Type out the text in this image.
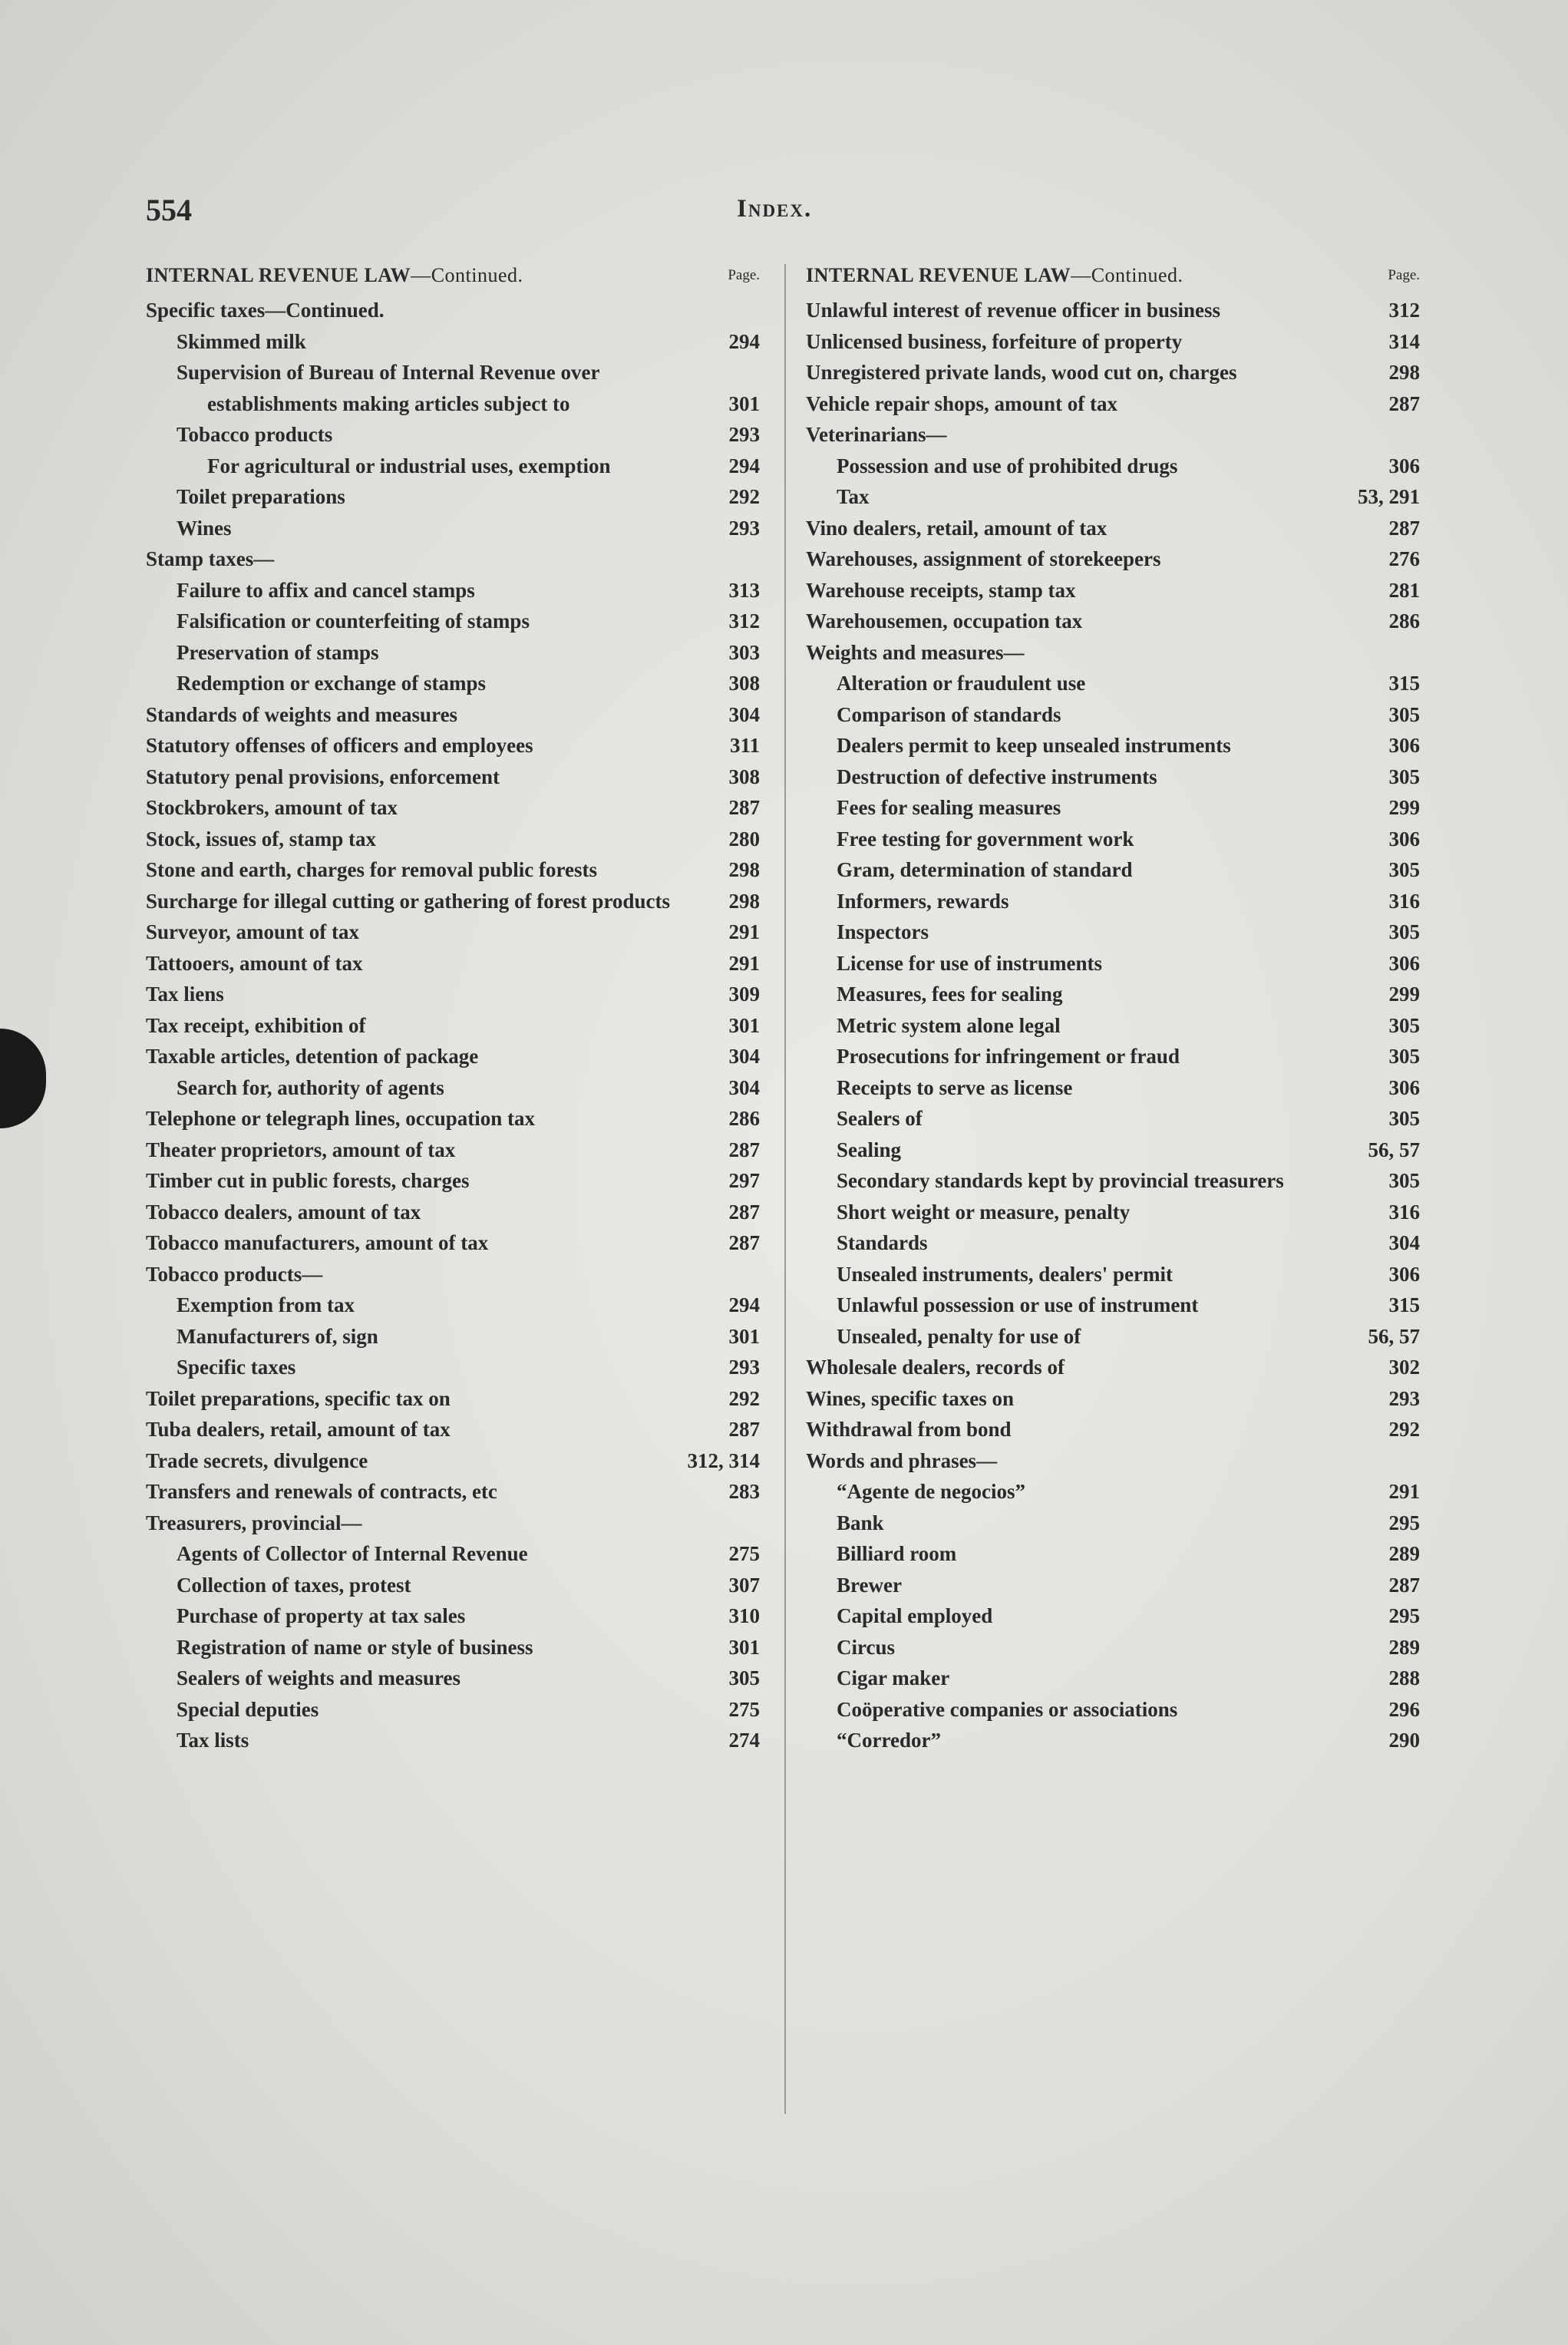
554	Index.
INTERNAL REVENUE LAW—Continued.	Page.
Specific taxes—Continued.
Skimmed milk	294
Supervision of Bureau of Internal Revenue over establishments making articles subject to	301
Tobacco products	293
For agricultural or industrial uses, exemption	294
Toilet preparations	292
Wines	293
Stamp taxes—
Failure to affix and cancel stamps	313
Falsification or counterfeiting of stamps	312
Preservation of stamps	303
Redemption or exchange of stamps	308
Standards of weights and measures	304
Statutory offenses of officers and employees	311
Statutory penal provisions, enforcement	308
Stockbrokers, amount of tax	287
Stock, issues of, stamp tax	280
Stone and earth, charges for removal public forests	298
Surcharge for illegal cutting or gathering of forest products	298
Surveyor, amount of tax	291
Tattooers, amount of tax	291
Tax liens	309
Tax receipt, exhibition of	301
Taxable articles, detention of package	304
Search for, authority of agents	304
Telephone or telegraph lines, occupation tax	286
Theater proprietors, amount of tax	287
Timber cut in public forests, charges	297
Tobacco dealers, amount of tax	287
Tobacco manufacturers, amount of tax	287
Tobacco products—
Exemption from tax	294
Manufacturers of, sign	301
Specific taxes	293
Toilet preparations, specific tax on	292
Tuba dealers, retail, amount of tax	287
Trade secrets, divulgence	312, 314
Transfers and renewals of contracts, etc	283
Treasurers, provincial—
Agents of Collector of Internal Revenue	275
Collection of taxes, protest	307
Purchase of property at tax sales	310
Registration of name or style of business	301
Sealers of weights and measures	305
Special deputies	275
Tax lists	274
INTERNAL REVENUE LAW—Continued.	Page.
Unlawful interest of revenue officer in business	312
Unlicensed business, forfeiture of property	314
Unregistered private lands, wood cut on, charges	298
Vehicle repair shops, amount of tax	287
Veterinarians—
Possession and use of prohibited drugs	306
Tax	53, 291
Vino dealers, retail, amount of tax	287
Warehouses, assignment of storekeepers	276
Warehouse receipts, stamp tax	281
Warehousemen, occupation tax	286
Weights and measures—
Alteration or fraudulent use	315
Comparison of standards	305
Dealers permit to keep unsealed instruments	306
Destruction of defective instruments	305
Fees for sealing measures	299
Free testing for government work	306
Gram, determination of standard	305
Informers, rewards	316
Inspectors	305
License for use of instruments	306
Measures, fees for sealing	299
Metric system alone legal	305
Prosecutions for infringement or fraud	305
Receipts to serve as license	306
Sealers of	305
Sealing	56, 57
Secondary standards kept by provincial treasurers	305
Short weight or measure, penalty	316
Standards	304
Unsealed instruments, dealers' permit	306
Unlawful possession or use of instrument	315
Unsealed, penalty for use of	56, 57
Wholesale dealers, records of	302
Wines, specific taxes on	293
Withdrawal from bond	292
Words and phrases—
“Agente de negocios”	291
Bank	295
Billiard room	289
Brewer	287
Capital employed	295
Circus	289
Cigar maker	288
Coöperative companies or associations	296
“Corredor”	290
